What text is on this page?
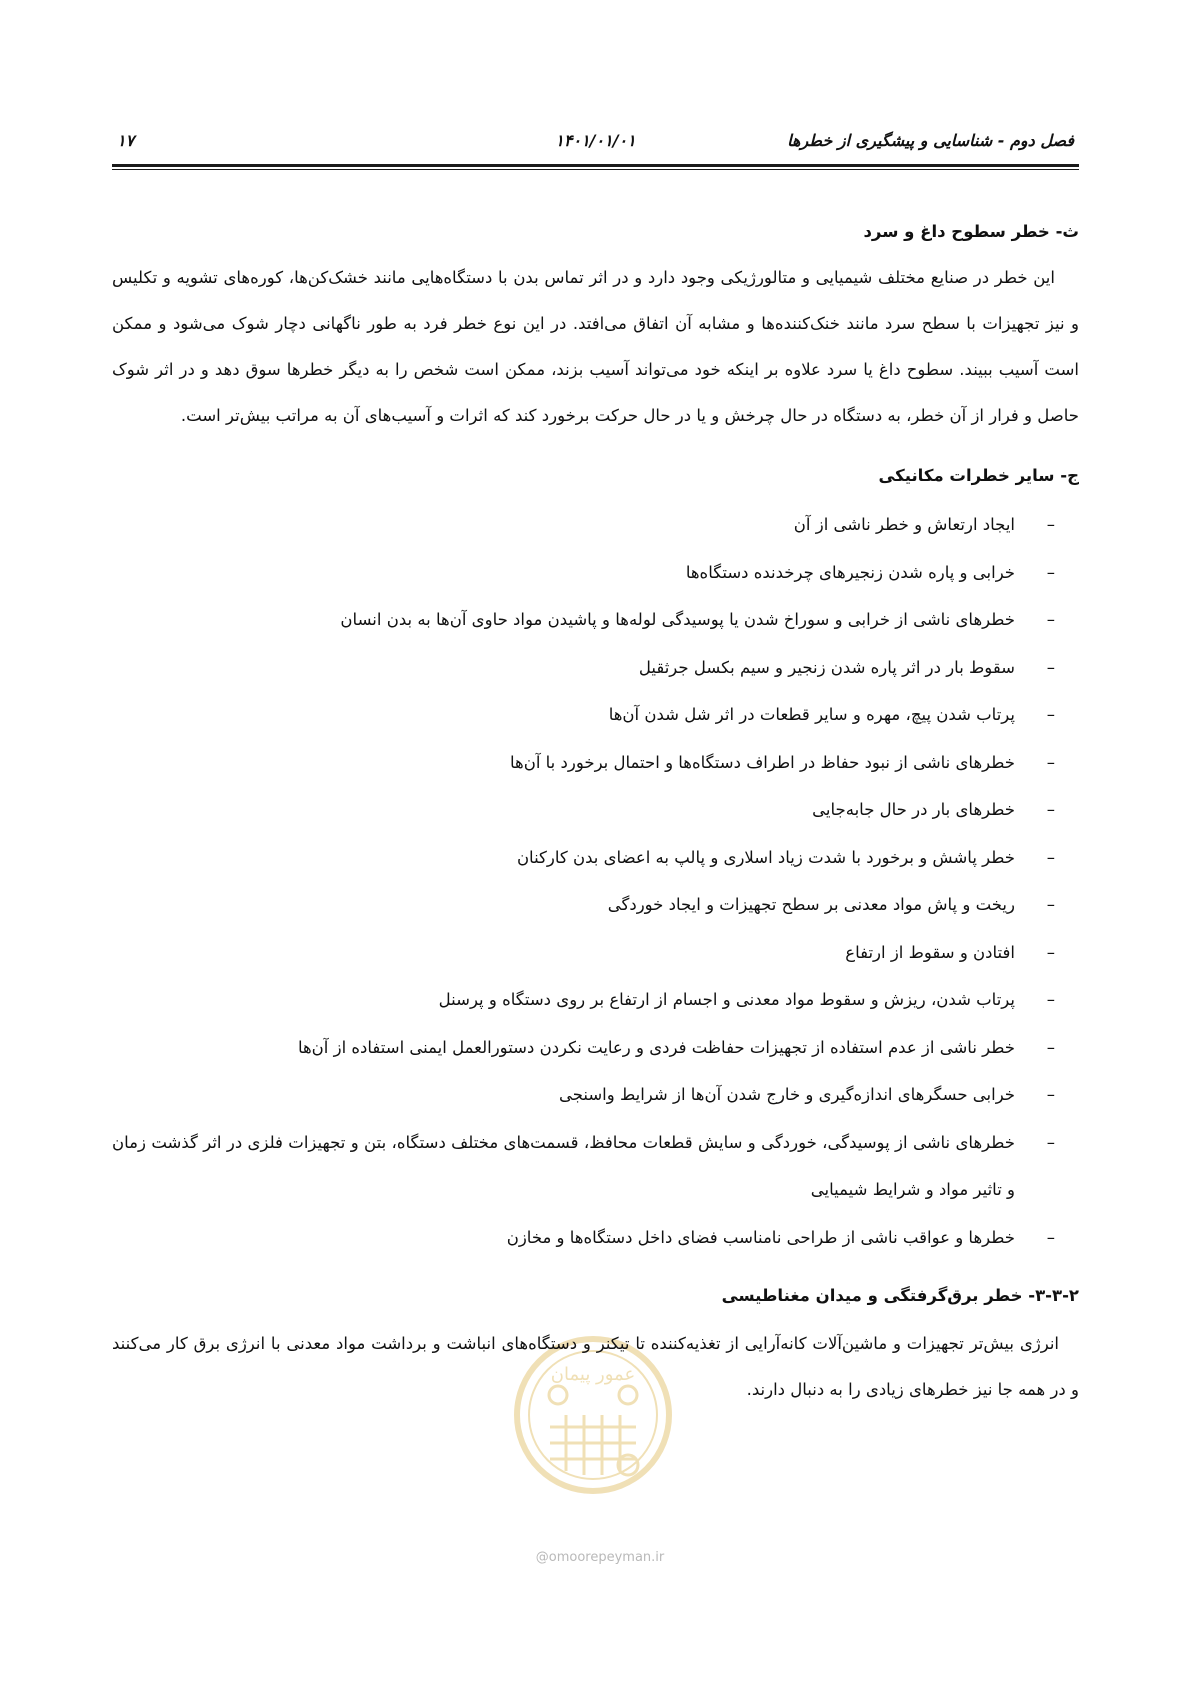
فصل دوم - شناسایی و پیشگیری از خطرها
۱۴۰۱/۰۱/۰۱
۱۷
ث- خطر سطوح داغ و سرد

این خطر در صنایع مختلف شیمیایی و متالورژیکی وجود دارد و در اثر تماس بدن با دستگاه‌هایی مانند خشک‌کن‌ها، کوره‌های تشویه و تکلیس و نیز تجهیزات با سطح سرد مانند خنک‌کننده‌ها و مشابه آن اتفاق می‌افتد. در این نوع خطر فرد به طور ناگهانی دچار شوک می‌شود و ممکن است آسیب ببیند. سطوح داغ یا سرد علاوه بر اینکه خود می‌تواند آسیب بزند، ممکن است شخص را به دیگر خطرها سوق دهد و در اثر شوک حاصل و فرار از آن خطر، به دستگاه در حال چرخش و یا در حال حرکت برخورد کند که اثرات و آسیب‌های آن به مراتب بیش‌تر است.

ج- سایر خطرات مکانیکی
–
ایجاد ارتعاش و خطر ناشی از آن
–
خرابی و پاره شدن زنجیرهای چرخدنده دستگاه‌ها
–
خطرهای ناشی از خرابی و سوراخ شدن یا پوسیدگی لوله‌ها و پاشیدن مواد حاوی آن‌ها به بدن انسان
–
سقوط بار در اثر پاره شدن زنجیر و سیم بکسل جرثقیل
–
پرتاب شدن پیچ، مهره و سایر قطعات در اثر شل شدن آن‌ها
–
خطرهای ناشی از نبود حفاظ در اطراف دستگاه‌ها و احتمال برخورد با آن‌ها
–
خطرهای بار در حال جابه‌جایی
–
خطر پاشش و برخورد با شدت زیاد اسلاری و پالپ به اعضای بدن کارکنان
–
ریخت و پاش مواد معدنی بر سطح تجهیزات و ایجاد خوردگی
–
افتادن و سقوط از ارتفاع
–
پرتاب شدن، ریزش و سقوط مواد معدنی و اجسام از ارتفاع بر روی دستگاه و پرسنل
–
خطر ناشی از عدم استفاده از تجهیزات حفاظت فردی و رعایت نکردن دستورالعمل ایمنی استفاده از آن‌ها
–
خرابی حسگرهای اندازه‌گیری و خارج شدن آن‌ها از شرایط واسنجی
–
خطرهای ناشی از پوسیدگی، خوردگی و سایش قطعات محافظ، قسمت‌های مختلف دستگاه، بتن و تجهیزات فلزی در اثر گذشت زمان و تاثیر مواد و شرایط شیمیایی
–
خطرها و عواقب ناشی از طراحی نامناسب فضای داخل دستگاه‌ها و مخازن
۳-۳-۲- خطر برق‌گرفتگی و میدان مغناطیسی

انرژی بیش‌تر تجهیزات و ماشین‌آلات کانه‌آرایی از تغذیه‌کننده تا تیکنر و دستگاه‌های انباشت و برداشت مواد معدنی با انرژی برق کار می‌کنند و در همه جا نیز خطرهای زیادی را به دنبال دارند.

عمور پیمان
@omoorepeyman.ir
